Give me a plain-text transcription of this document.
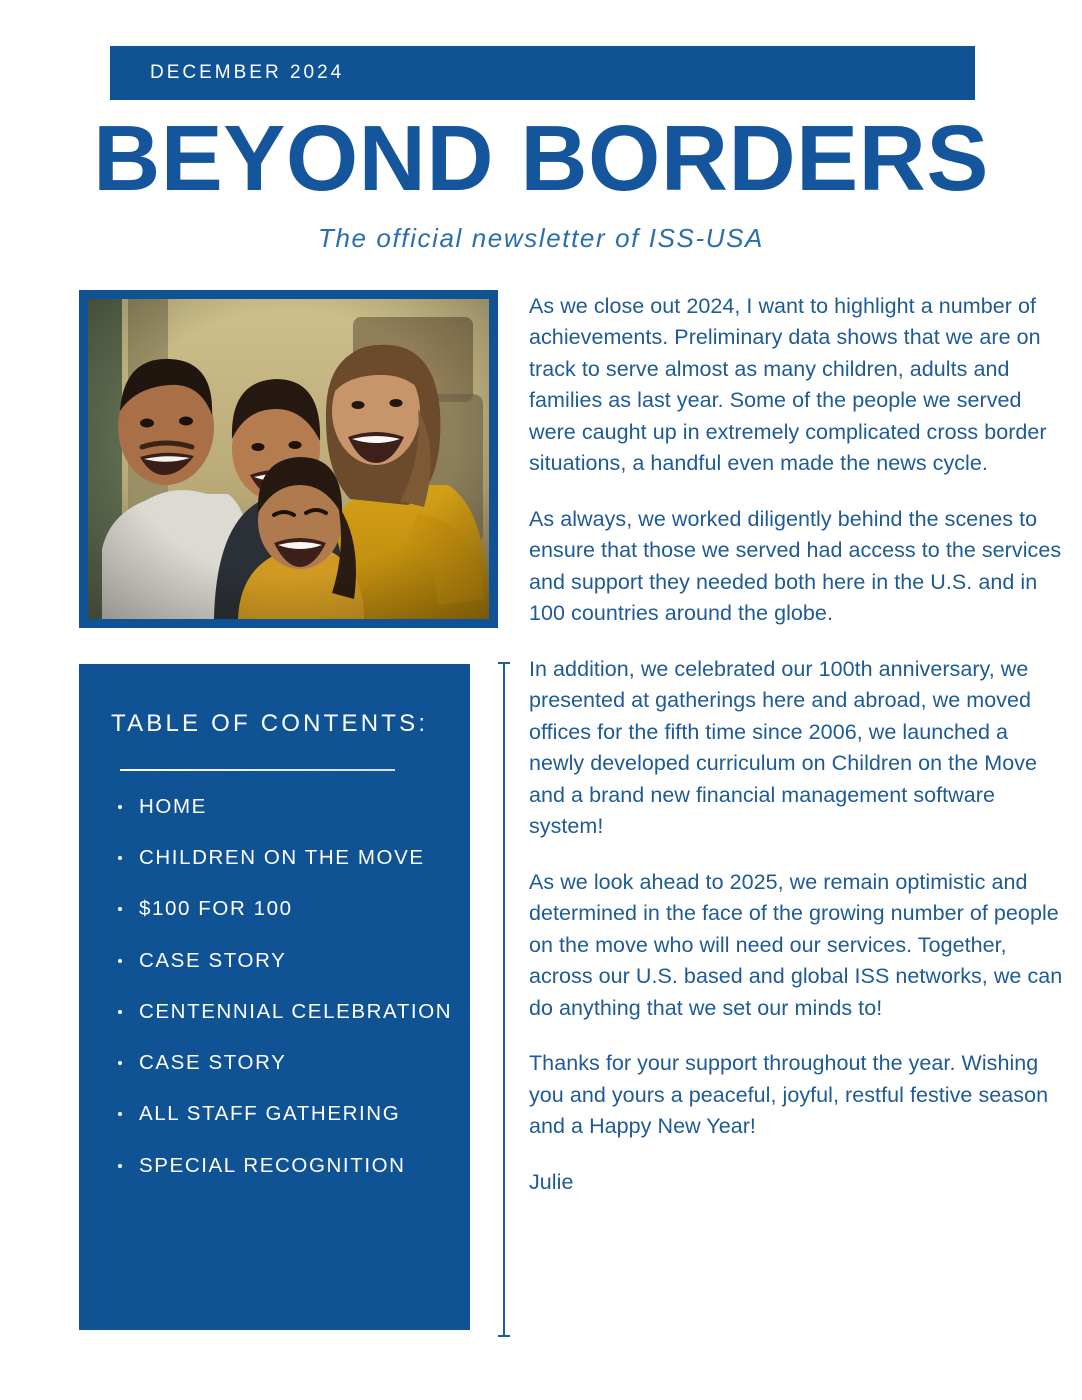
DECEMBER 2024
BEYOND BORDERS
The official newsletter of ISS-USA
TABLE OF CONTENTS:
HOME
CHILDREN ON THE MOVE
$100 FOR 100
CASE STORY
CENTENNIAL CELEBRATION
CASE STORY
ALL STAFF GATHERING
SPECIAL RECOGNITION

As we close out 2024, I want to highlight a number of achievements. Preliminary data shows that we are on track to serve almost as many children, adults and families as last year. Some of the people we served were caught up in extremely complicated cross border situations, a handful even made the news cycle.

As always, we worked diligently behind the scenes to ensure that those we served had access to the services and support they needed both here in the U.S. and in 100 countries around the globe.

In addition, we celebrated our 100th anniversary, we presented at gatherings here and abroad, we moved offices for the fifth time since 2006, we launched a newly developed curriculum on Children on the Move and a brand new financial management software system!

As we look ahead to 2025, we remain optimistic and determined in the face of the growing number of people on the move who will need our services. Together, across our U.S. based and global ISS networks, we can do anything that we set our minds to!

Thanks for your support throughout the year. Wishing you and yours a peaceful, joyful, restful festive season and a Happy New Year!

Julie
